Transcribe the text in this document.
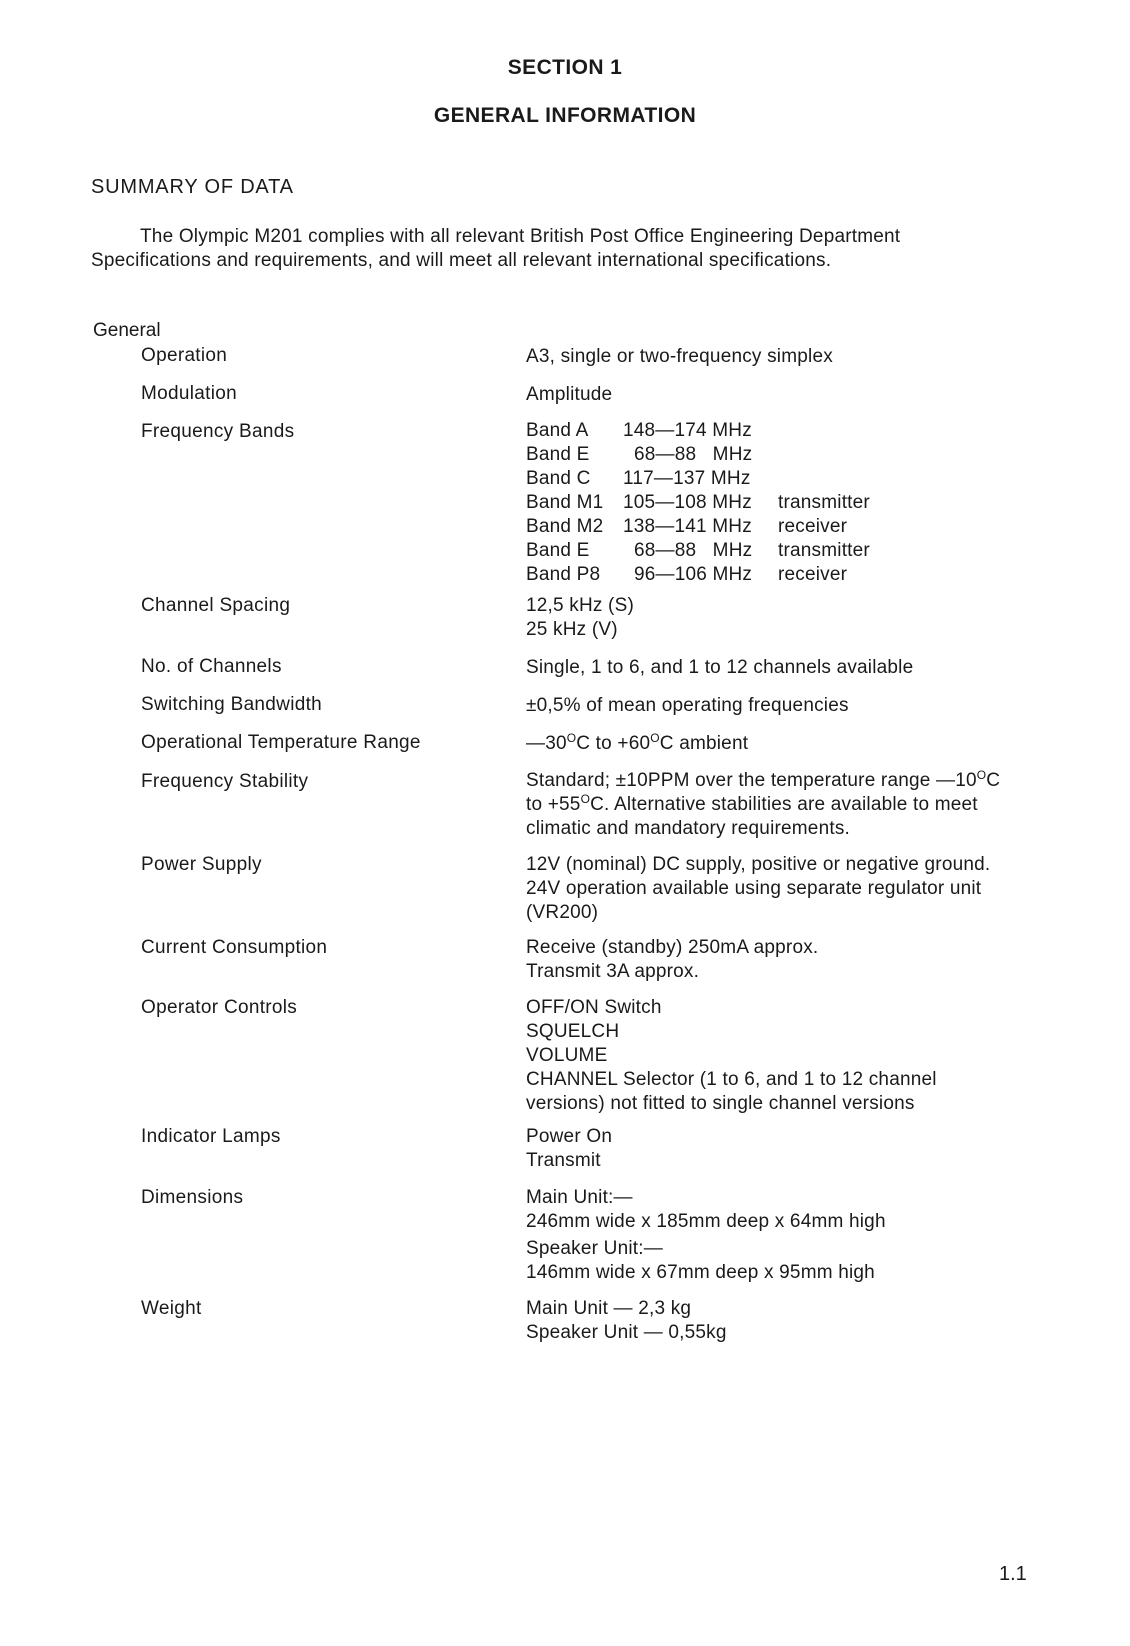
SECTION 1
GENERAL INFORMATION
SUMMARY OF DATA
The Olympic M201 complies with all relevant British Post Office Engineering Department
Specifications and requirements, and will meet all relevant international specifications.
General
Operation	A3, single or two-frequency simplex
Modulation	Amplitude
Frequency Bands	Band A	148—174 MHz	
Band E	68—88   MHz	
Band C	117—137 MHz	
Band M1	105—108 MHz	transmitter
Band M2	138—141 MHz	receiver
Band E	68—88   MHz	transmitter
Band P8	96—106 MHz	receiver
Channel Spacing	12,5 kHz (S)
25 kHz (V)
No. of Channels	Single, 1 to 6, and 1 to 12 channels available
Switching Bandwidth	±0,5% of mean operating frequencies
Operational Temperature Range	$—30^OC$ to $+60^OC$ ambient
Frequency Stability	Standard; ±10PPM over the temperature range $—10^OC$
to $+55^OC$. Alternative stabilities are available to meet
climatic and mandatory requirements.
Power Supply	12V (nominal) DC supply, positive or negative ground.
24V operation available using separate regulator unit
(VR200)
Current Consumption	Receive (standby) 250mA approx.
Transmit 3A approx.
Operator Controls	OFF/ON Switch
SQUELCH
VOLUME
CHANNEL Selector (1 to 6, and 1 to 12 channel
versions) not fitted to single channel versions
Indicator Lamps	Power On
Transmit
Dimensions	Main Unit:—
246mm wide x 185mm deep x 64mm high
Speaker Unit:—
146mm wide x 67mm deep x 95mm high
Weight	Main Unit — 2,3 kg
Speaker Unit — 0,55kg
1.1
